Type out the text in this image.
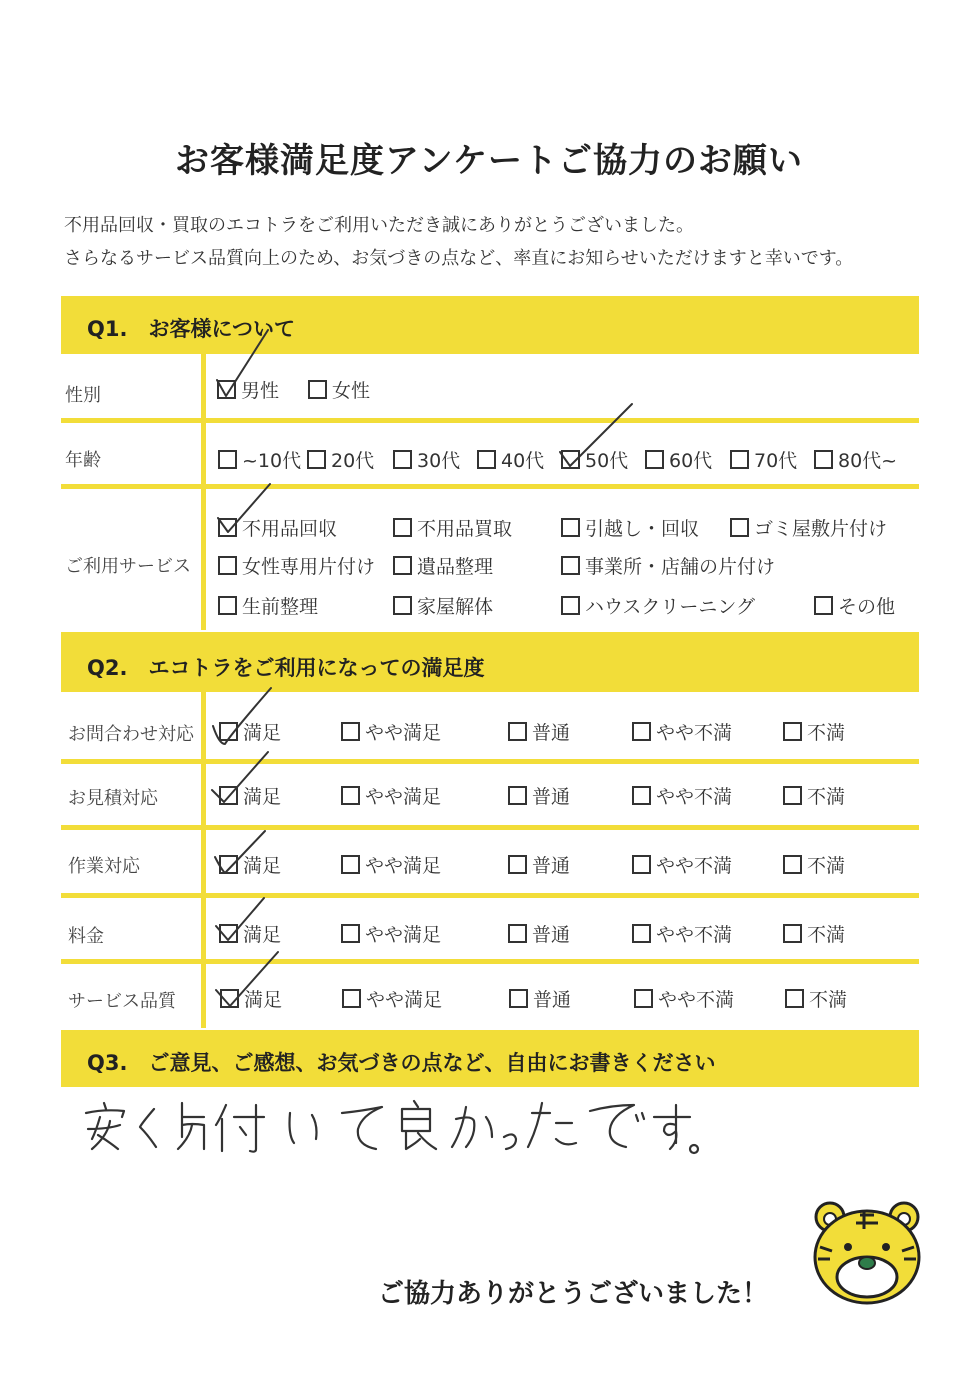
お客様満足度アンケートご協力のお願い
不用品回収・買取のエコトラをご利用いただき誠にありがとうございました。
さらなるサービス品質向上のため、お気づきの点など、率直にお知らせいただけますと幸いです。
Q1.　お客様について
性別	男性	女性
年齢	~10代 20代 30代 40代 50代 60代 70代 80代~
ご利用サービス
不用品回収	不用品買取	引越し・回収	ゴミ屋敷片付け
女性専用片付け 遺品整理	事業所・店舗の片付け
生前整理	家屋解体	ハウスクリーニング	その他
Q2.　エコトラをご利用になっての満足度
お問合わせ対応	満足	やや満足	普通	やや不満	不満
お見積対応	満足	やや満足	普通	やや不満	不満
作業対応	満足	やや満足	普通	やや不満	不満
料金	満足	やや満足	普通	やや不満	不満
サービス品質	満足	やや満足	普通	やや不満	不満
Q3.　ご意見、ご感想、お気づきの点など、自由にお書きください
ご協力ありがとうございました！
